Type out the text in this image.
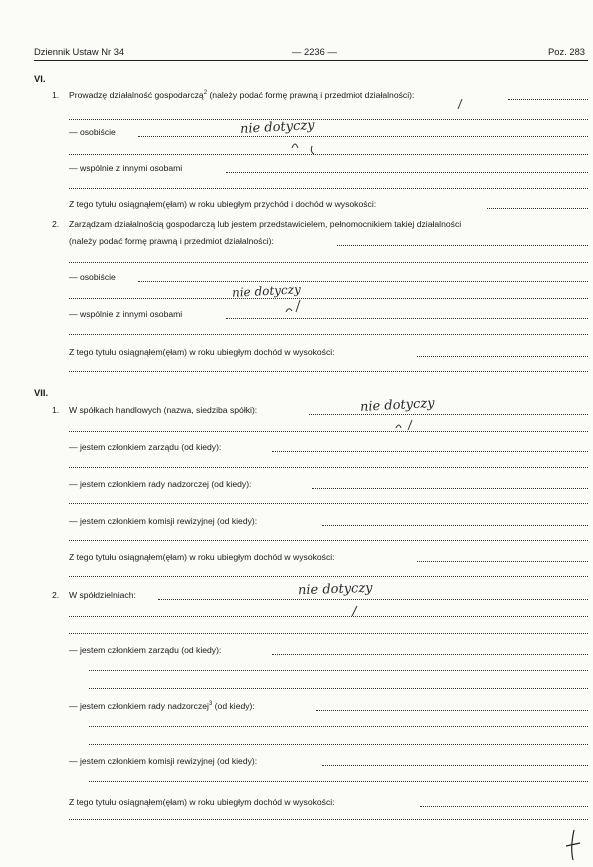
Dziennik Ustaw Nr 34	— 2236 —	Poz. 283
VI.
1. Prowadzę działalność gospodarczą$^2$ (należy podać formę prawną i przedmiot działalności):
— osobiście	nie dotyczy
— wspólnie z innymi osobami
Z tego tytułu osiągnąłem(ęłam) w roku ubiegłym przychód i dochód w wysokości:
2. Zarządzam działalnością gospodarczą lub jestem przedstawicielem, pełnomocnikiem takiej działalności
(należy podać formę prawną i przedmiot działalności):
— osobiście
nie dotyczy
— wspólnie z innymi osobami
Z tego tytułu osiągnąłem(ęłam) w roku ubiegłym dochód w wysokości:
VII.
1. W spółkach handlowych (nazwa, siedziba spółki):	nie dotyczy
— jestem członkiem zarządu (od kiedy):
— jestem członkiem rady nadzorczej (od kiedy):
— jestem członkiem komisji rewizyjnej (od kiedy):
Z tego tytułu osiągnąłem(ęłam) w roku ubiegłym dochód w wysokości:
2. W spółdzielniach:	nie dotyczy
— jestem członkiem zarządu (od kiedy):
— jestem członkiem rady nadzorczej$^3$ (od kiedy):
— jestem członkiem komisji rewizyjnej (od kiedy):
Z tego tytułu osiągnąłem(ęłam) w roku ubiegłym dochód w wysokości:
